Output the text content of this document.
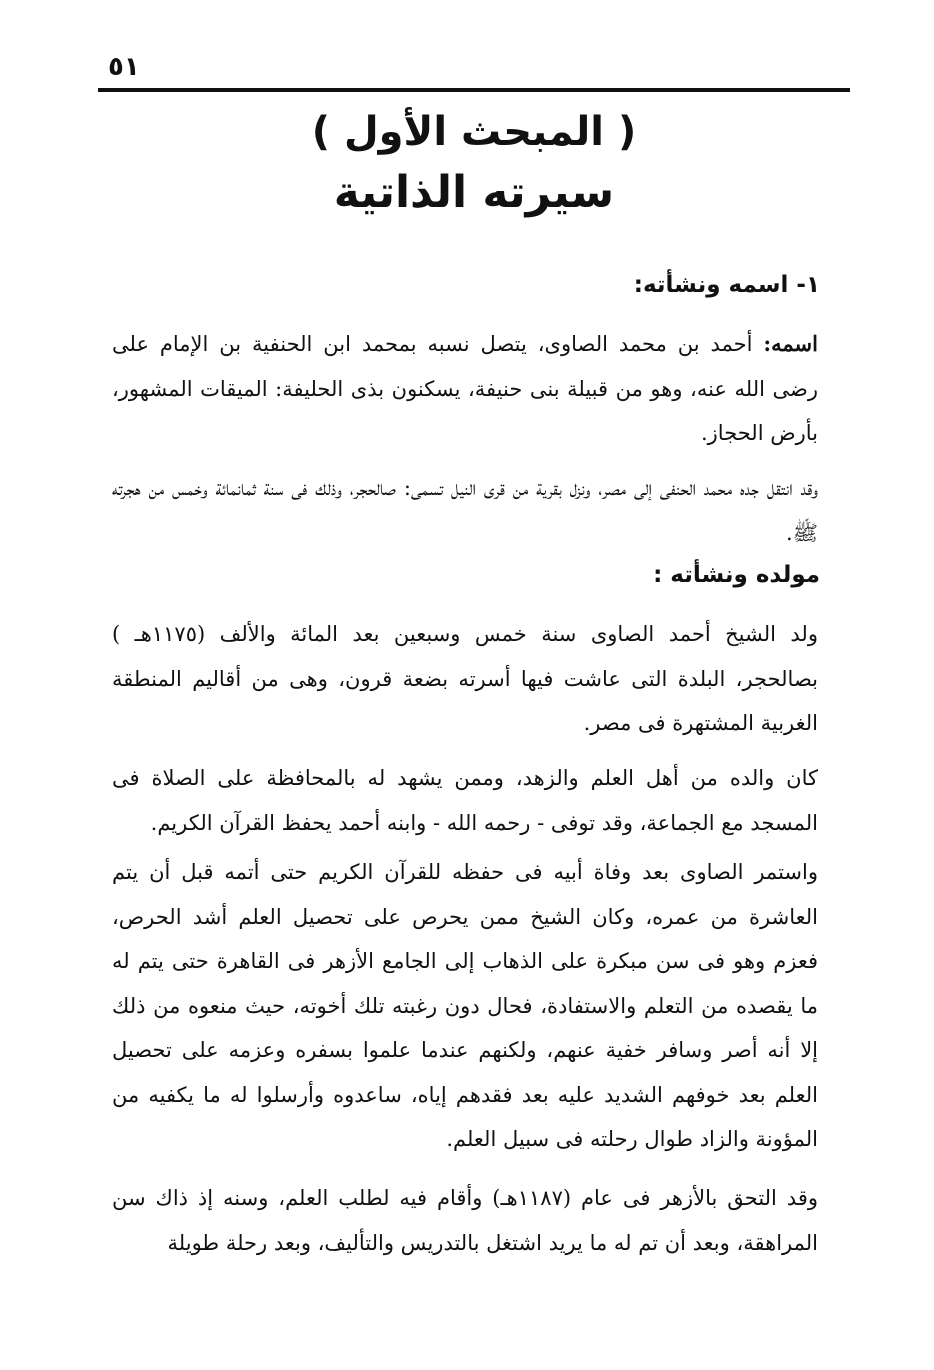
٥١
( المبحث الأول )
سيرته الذاتية
١- اسمه ونشأته:
اسمه: أحمد بن محمد الصاوى، يتصل نسبه بمحمد ابن الحنفية بن الإمام على رضى الله عنه، وهو من قبيلة بنى حنيفة، يسكنون بذى الحليفة: الميقات المشهور، بأرض الحجاز.
وقد انتقل جده محمد الحنفى إلى مصر، ونزل بقرية من قرى النيل تسمى: صالحجر، وذلك فى سنة ثمانمائة وخمس من هجرته ﷺ.
مولده ونشأته :
ولد الشيخ أحمد الصاوى سنة خمس وسبعين بعد المائة والألف (١١٧٥هـ ) بصالحجر، البلدة التى عاشت فيها أسرته بضعة قرون، وهى من أقاليم المنطقة الغربية المشتهرة فى مصر.
كان والده من أهل العلم والزهد، وممن يشهد له بالمحافظة على الصلاة فى المسجد مع الجماعة، وقد توفى - رحمه الله - وابنه أحمد يحفظ القرآن الكريم.
واستمر الصاوى بعد وفاة أبيه فى حفظه للقرآن الكريم حتى أتمه قبل أن يتم العاشرة من عمره، وكان الشيخ ممن يحرص على تحصيل العلم أشد الحرص، فعزم وهو فى سن مبكرة على الذهاب إلى الجامع الأزهر فى القاهرة حتى يتم له ما يقصده من التعلم والاستفادة، فحال دون رغبته تلك أخوته، حيث منعوه من ذلك إلا أنه أصر وسافر خفية عنهم، ولكنهم عندما علموا بسفره وعزمه على تحصيل العلم بعد خوفهم الشديد عليه بعد فقدهم إياه، ساعدوه وأرسلوا له ما يكفيه من المؤونة والزاد طوال رحلته فى سبيل العلم.
وقد التحق بالأزهر فى عام (١١٨٧هـ) وأقام فيه لطلب العلم، وسنه إذ ذاك سن المراهقة، وبعد أن تم له ما يريد اشتغل بالتدريس والتأليف، وبعد رحلة طويلة
